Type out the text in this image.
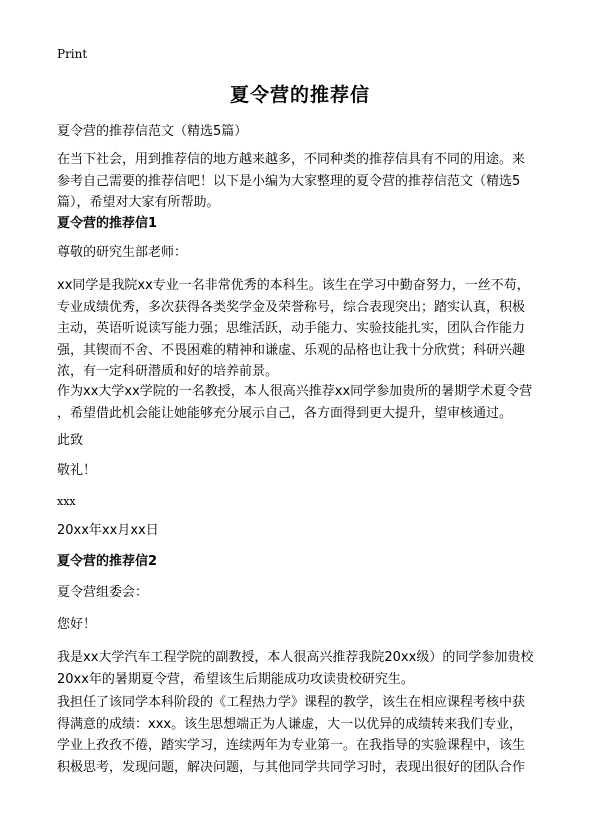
Print
夏令营的推荐信
夏令营的推荐信范文（精选5篇）
在当下社会，用到推荐信的地方越来越多，不同种类的推荐信具有不同的用途。来
参考自己需要的推荐信吧！以下是小编为大家整理的夏令营的推荐信范文（精选5
篇），希望对大家有所帮助。
夏令营的推荐信1
尊敬的研究生部老师：
xx同学是我院xx专业一名非常优秀的本科生。该生在学习中勤奋努力，一丝不苟，
专业成绩优秀，多次获得各类奖学金及荣誉称号，综合表现突出；踏实认真，积极
主动，英语听说读写能力强；思维活跃，动手能力、实验技能扎实，团队合作能力
强，其锲而不舍、不畏困难的精神和谦虚、乐观的品格也让我十分欣赏；科研兴趣
浓，有一定科研潜质和好的培养前景。
作为xx大学xx学院的一名教授，本人很高兴推荐xx同学参加贵所的暑期学术夏令营
，希望借此机会能让她能够充分展示自己，各方面得到更大提升，望审核通过。
此致
敬礼！
xxx
20xx年xx月xx日
夏令营的推荐信2
夏令营组委会：
您好！
我是xx大学汽车工程学院的副教授，本人很高兴推荐我院20xx级）的同学参加贵校
20xx年的暑期夏令营，希望该生后期能成功攻读贵校研究生。
我担任了该同学本科阶段的《工程热力学》课程的教学，该生在相应课程考核中获
得满意的成绩：xxx。该生思想端正为人谦虚，大一以优异的成绩转来我们专业，
学业上孜孜不倦，踏实学习，连续两年为专业第一。在我指导的实验课程中，该生
积极思考，发现问题，解决问题，与其他同学共同学习时，表现出很好的团队合作
